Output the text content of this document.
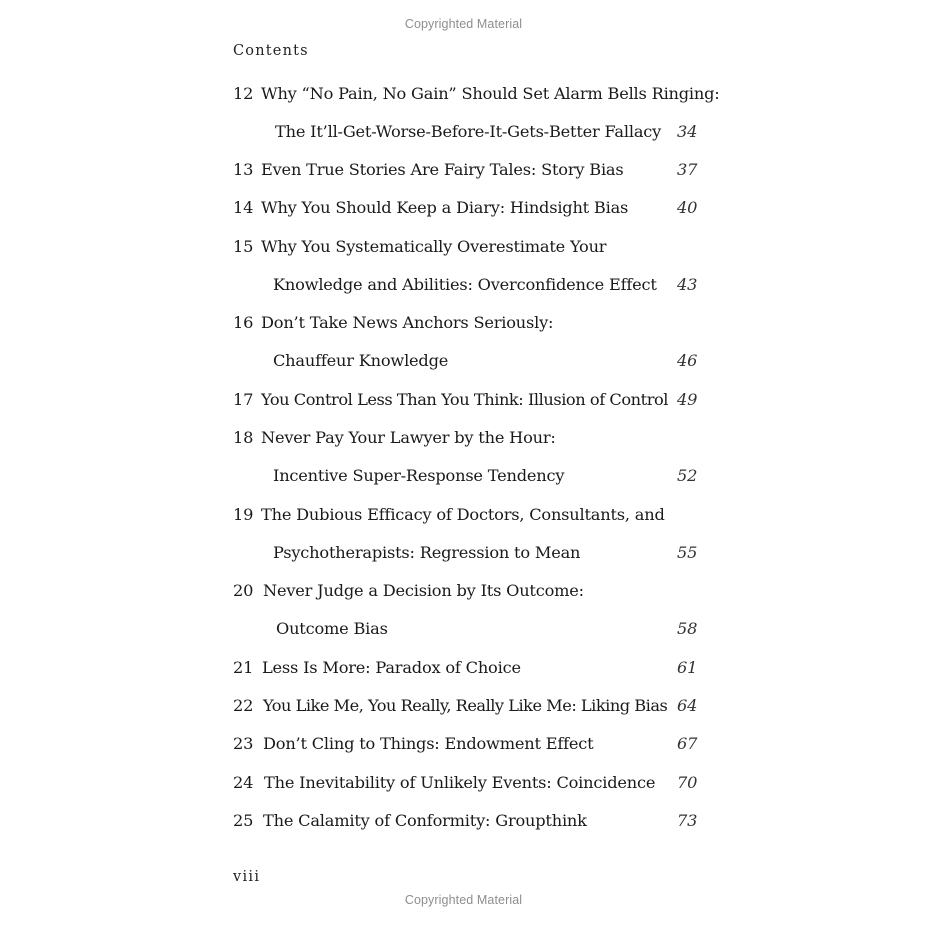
Copyrighted Material
Contents
12 Why “No Pain, No Gain” Should Set Alarm Bells Ringing:
The It’ll-Get-Worse-Before-It-Gets-Better Fallacy 34
13 Even True Stories Are Fairy Tales: Story Bias	37
14 Why You Should Keep a Diary: Hindsight Bias	40
15 Why You Systematically Overestimate Your
Knowledge and Abilities: Overconfidence Effect 43
16 Don’t Take News Anchors Seriously:
Chauffeur Knowledge	46
17 You Control Less Than You Think: Illusion of Control 49
18 Never Pay Your Lawyer by the Hour:
Incentive Super-Response Tendency	52
19 The Dubious Efficacy of Doctors, Consultants, and
Psychotherapists: Regression to Mean	55
20 Never Judge a Decision by Its Outcome:
Outcome Bias	58
21 Less Is More: Paradox of Choice	61
22 You Like Me, You Really, Really Like Me: Liking Bias 64
23 Don’t Cling to Things: Endowment Effect	67
24 The Inevitability of Unlikely Events: Coincidence 70
25 The Calamity of Conformity: Groupthink	73
viii
Copyrighted Material
